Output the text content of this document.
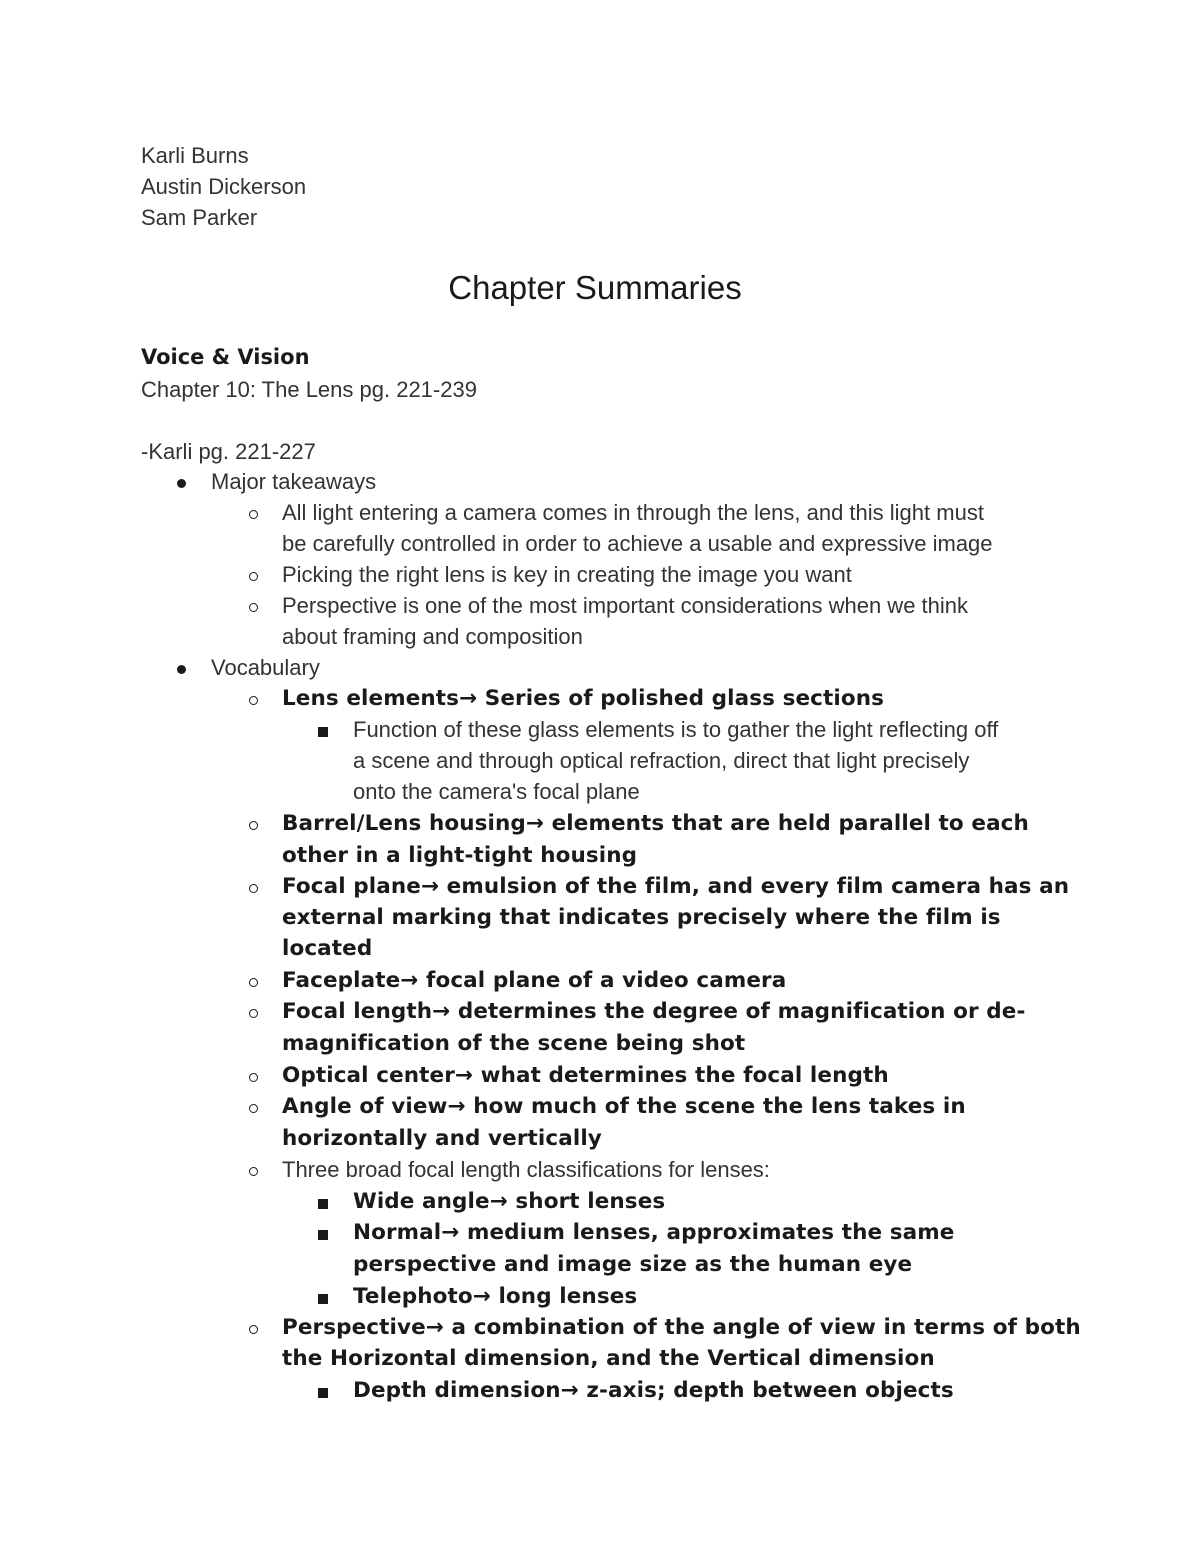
Karli Burns
Austin Dickerson
Sam Parker
Chapter Summaries
Voice & Vision
Chapter 10: The Lens pg. 221-239
-Karli pg. 221-227
Major takeaways
All light entering a camera comes in through the lens, and this light must
be carefully controlled in order to achieve a usable and expressive image
Picking the right lens is key in creating the image you want
Perspective is one of the most important considerations when we think
about framing and composition
Vocabulary
Lens elements→ Series of polished glass sections
Function of these glass elements is to gather the light reflecting off
a scene and through optical refraction, direct that light precisely
onto the camera's focal plane
Barrel/Lens housing→ elements that are held parallel to each
other in a light-tight housing
Focal plane→ emulsion of the film, and every film camera has an
external marking that indicates precisely where the film is
located
Faceplate→ focal plane of a video camera
Focal length→ determines the degree of magnification or de-
magnification of the scene being shot
Optical center→ what determines the focal length
Angle of view→ how much of the scene the lens takes in
horizontally and vertically
Three broad focal length classifications for lenses:
Wide angle→ short lenses
Normal→ medium lenses, approximates the same
perspective and image size as the human eye
Telephoto→ long lenses
Perspective→ a combination of the angle of view in terms of both
the Horizontal dimension, and the Vertical dimension
Depth dimension→ z-axis; depth between objects
